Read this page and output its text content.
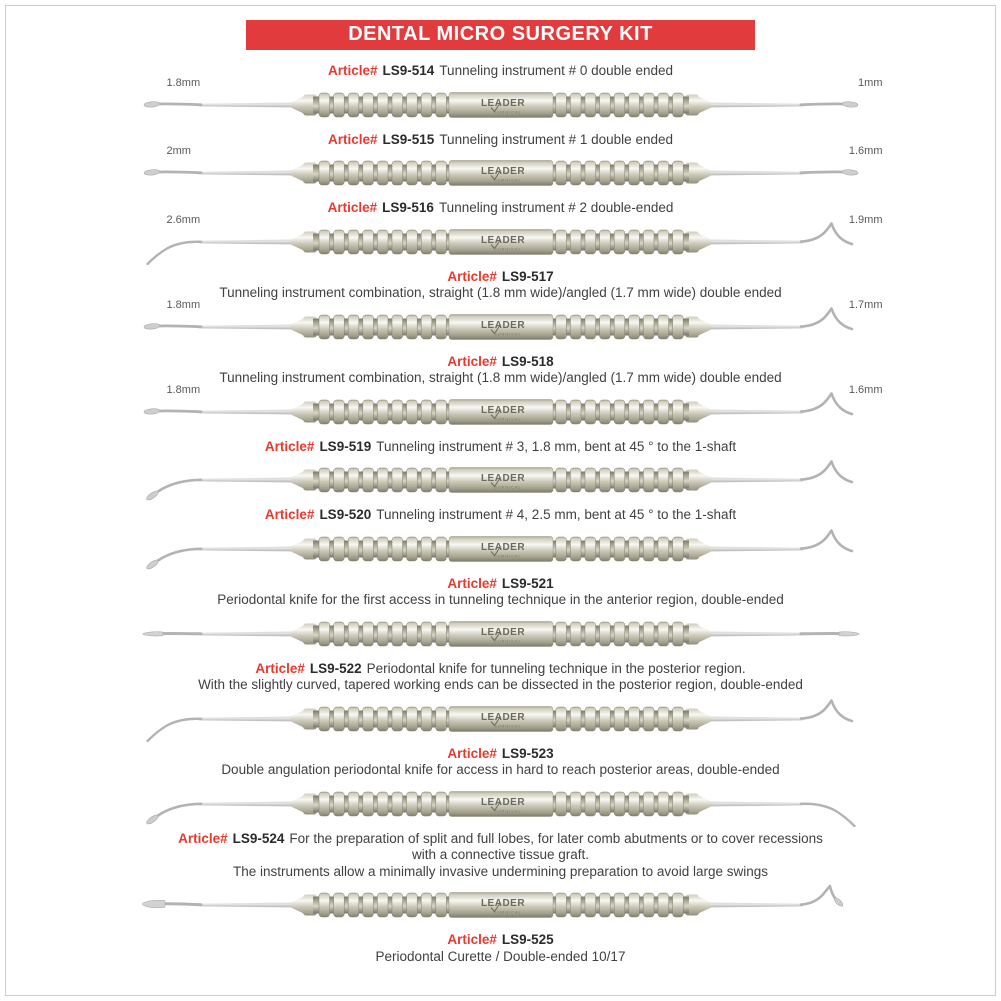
DENTAL MICRO SURGERY KIT
Article# LS9-514 Tunneling instrument # 0 double ended
1.8mm	1mm
LEADER
SURGICAL
Article# LS9-515 Tunneling instrument # 1 double ended
2mm	1.6mm
LEADER
SURGICAL
Article# LS9-516 Tunneling instrument # 2 double-ended
2.6mm	1.9mm
LEADER
SURGICAL
Article# LS9-517
Tunneling instrument combination, straight (1.8 mm wide)/angled (1.7 mm wide) double ended
1.8mm	1.7mm
LEADER
SURGICAL
Article# LS9-518
Tunneling instrument combination, straight (1.8 mm wide)/angled (1.7 mm wide) double ended
1.8mm	1.6mm
LEADER
SURGICAL
Article# LS9-519 Tunneling instrument # 3, 1.8 mm, bent at 45 ° to the 1-shaft
LEADER
SURGICAL
Article# LS9-520 Tunneling instrument # 4, 2.5 mm, bent at 45 ° to the 1-shaft
LEADER
SURGICAL
Article# LS9-521
Periodontal knife for the first access in tunneling technique in the anterior region, double-ended
LEADER
SURGICAL
Article# LS9-522 Periodontal knife for tunneling technique in the posterior region.
With the slightly curved, tapered working ends can be dissected in the posterior region, double-ended
LEADER
SURGICAL
Article# LS9-523
Double angulation periodontal knife for access in hard to reach posterior areas, double-ended
LEADER
SURGICAL
Article# LS9-524 For the preparation of split and full lobes, for later comb abutments or to cover recessions
with a connective tissue graft.
The instruments allow a minimally invasive undermining preparation to avoid large swings
LEADER
SURGICAL
Article# LS9-525
Periodontal Curette / Double-ended 10/17
